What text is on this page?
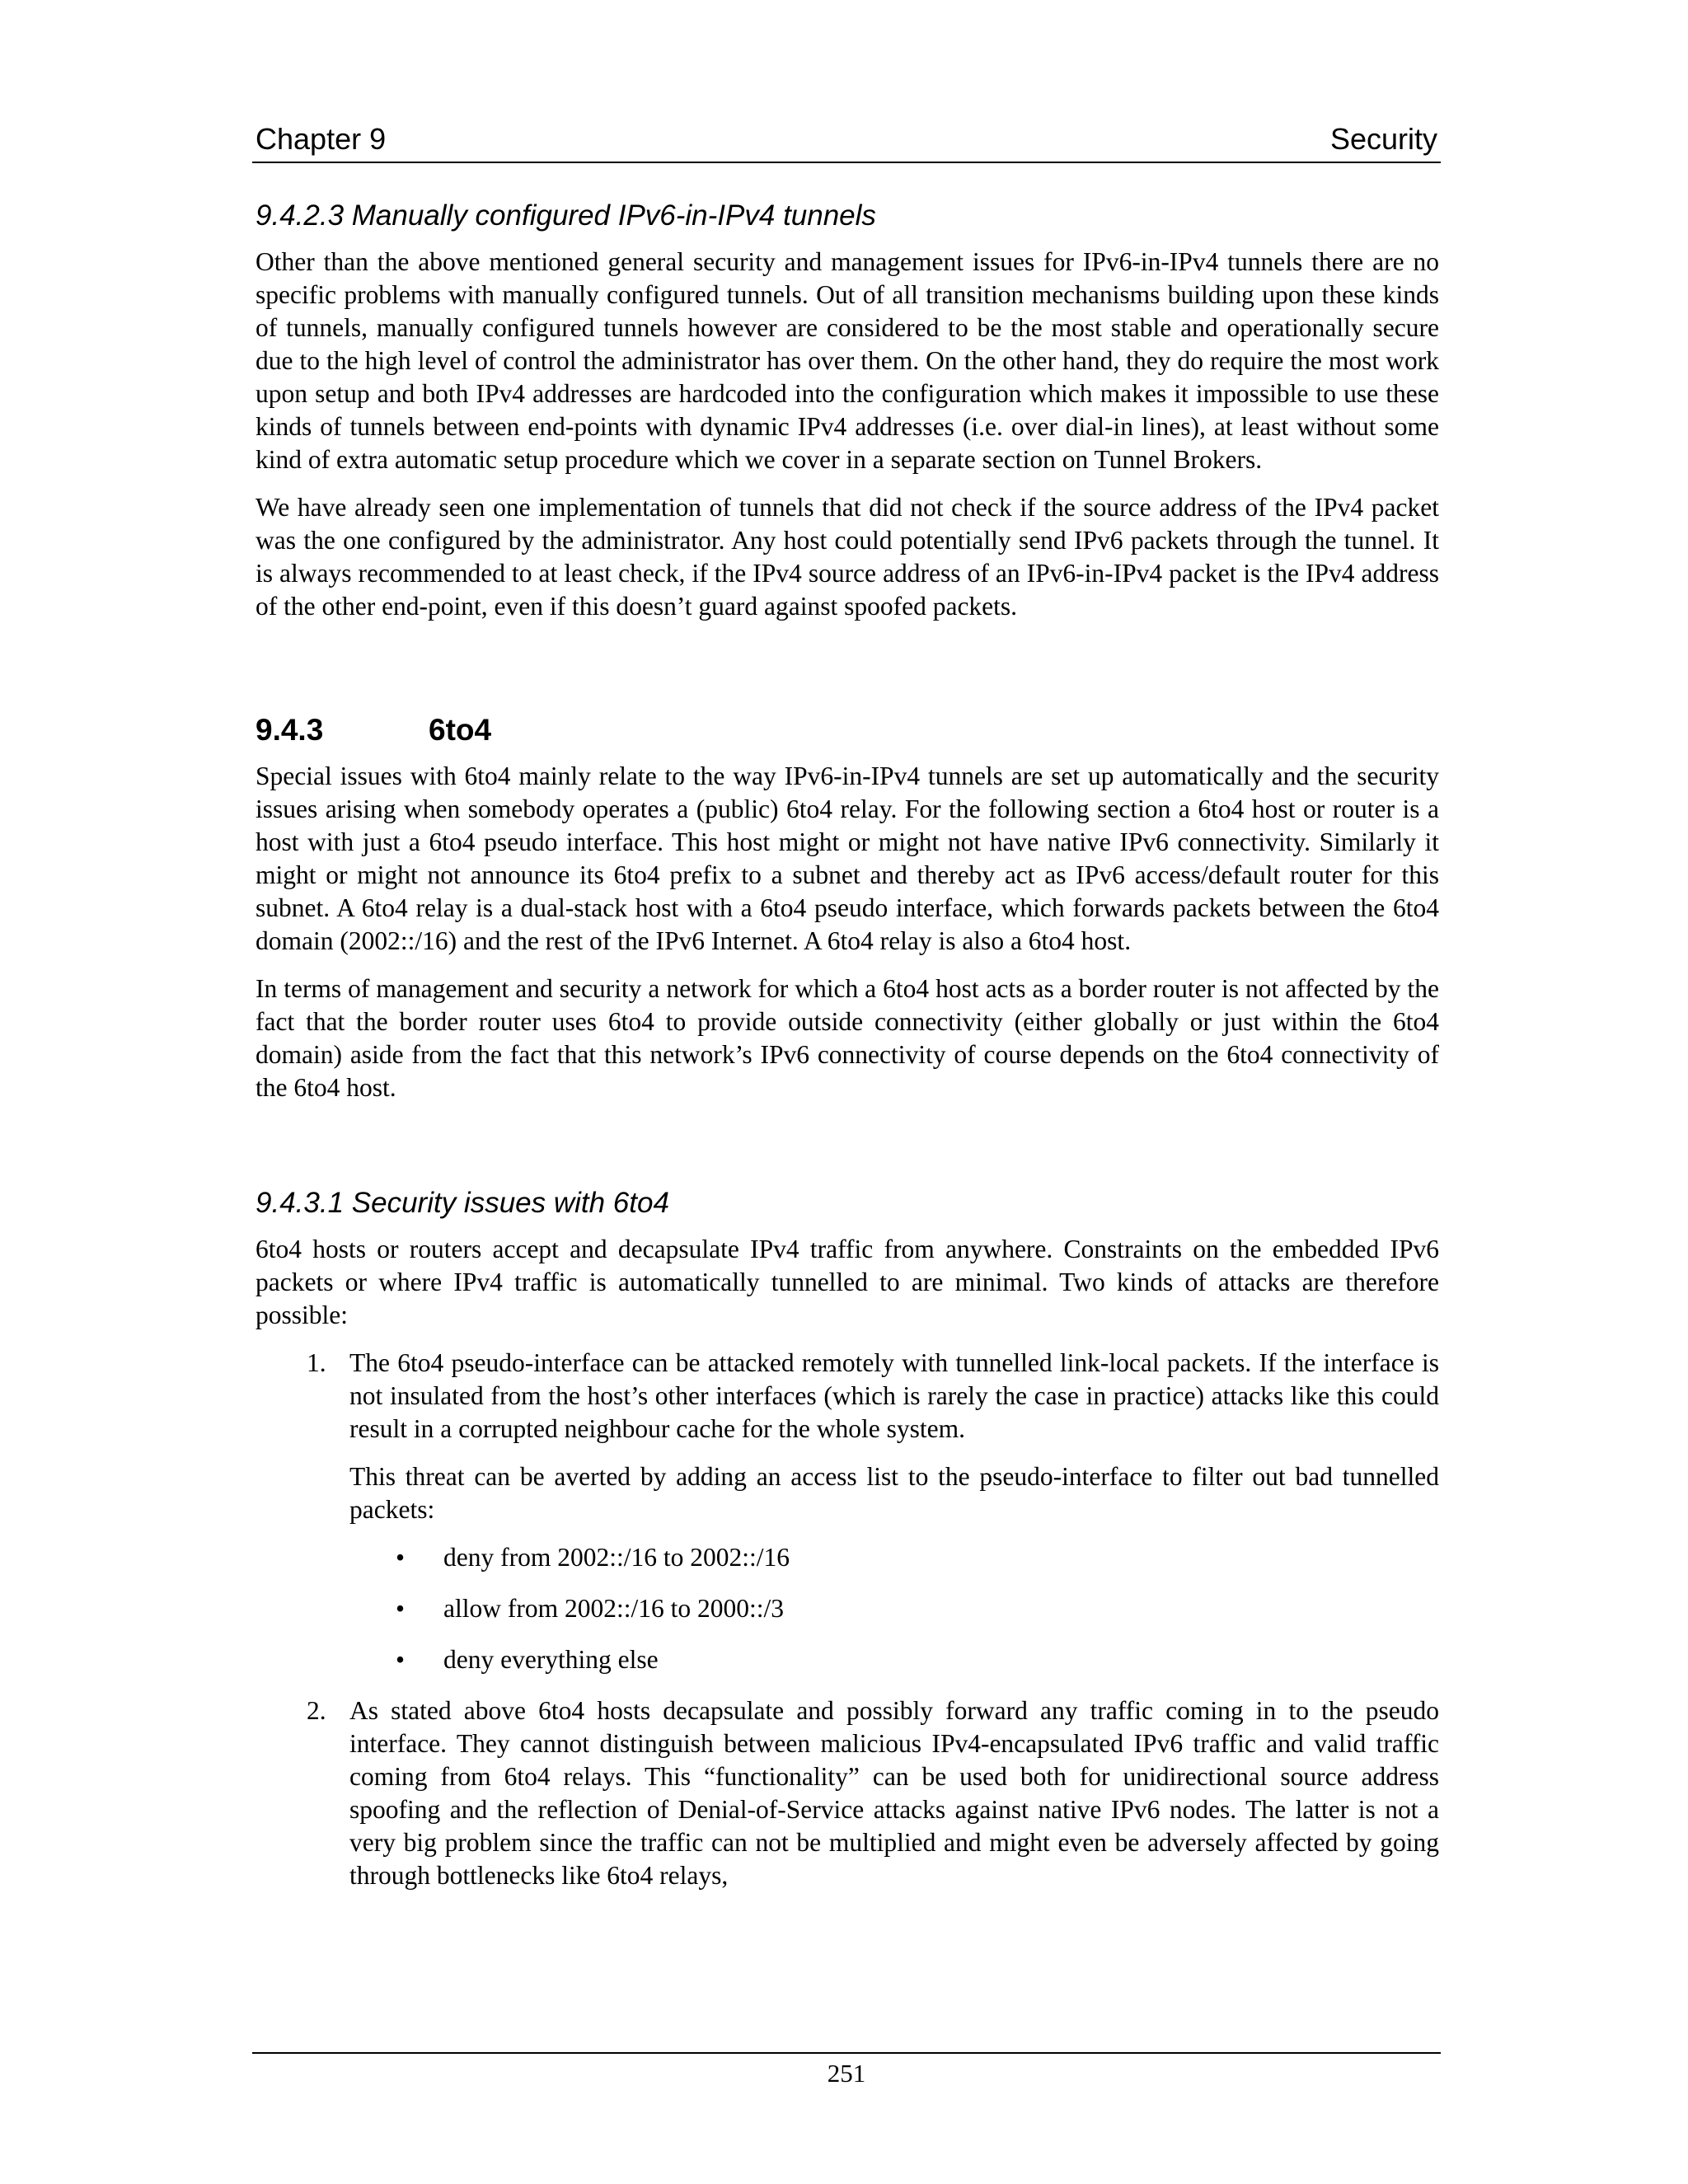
Chapter 9	Security
9.4.2.3 Manually configured IPv6-in-IPv4 tunnels

Other than the above mentioned general security and management issues for IPv6-in-IPv4 tunnels there are no specific problems with manually configured tunnels. Out of all transition mechanisms building upon these kinds of tunnels, manually configured tunnels however are considered to be the most stable and operationally secure due to the high level of control the administrator has over them. On the other hand, they do require the most work upon setup and both IPv4 addresses are hardcoded into the configuration which makes it impossible to use these kinds of tunnels between end-points with dynamic IPv4 addresses (i.e. over dial-in lines), at least without some kind of extra automatic setup procedure which we cover in a separate section on Tunnel Brokers.

We have already seen one implementation of tunnels that did not check if the source address of the IPv4 packet was the one configured by the administrator. Any host could potentially send IPv6 packets through the tunnel. It is always recommended to at least check, if the IPv4 source address of an IPv6-in-IPv4 packet is the IPv4 address of the other end-point, even if this doesn’t guard against spoofed packets.

9.4.3	6to4

Special issues with 6to4 mainly relate to the way IPv6-in-IPv4 tunnels are set up automatically and the security issues arising when somebody operates a (public) 6to4 relay. For the following section a 6to4 host or router is a host with just a 6to4 pseudo interface. This host might or might not have native IPv6 connectivity. Similarly it might or might not announce its 6to4 prefix to a subnet and thereby act as IPv6 access/default router for this subnet. A 6to4 relay is a dual-stack host with a 6to4 pseudo interface, which forwards packets between the 6to4 domain (2002::/16) and the rest of the IPv6 Internet. A 6to4 relay is also a 6to4 host.

In terms of management and security a network for which a 6to4 host acts as a border router is not affected by the fact that the border router uses 6to4 to provide outside connectivity (either globally or just within the 6to4 domain) aside from the fact that this network’s IPv6 connectivity of course depends on the 6to4 connectivity of the 6to4 host.

9.4.3.1 Security issues with 6to4

6to4 hosts or routers accept and decapsulate IPv4 traffic from anywhere. Constraints on the embedded IPv6 packets or where IPv4 traffic is automatically tunnelled to are minimal. Two kinds of attacks are therefore possible:

1. The 6to4 pseudo-interface can be attacked remotely with tunnelled link-local packets. If the interface is not insulated from the host’s other interfaces (which is rarely the case in practice) attacks like this could result in a corrupted neighbour cache for the whole system.

This threat can be averted by adding an access list to the pseudo-interface to filter out bad tunnelled packets:

• deny from 2002::/16 to 2002::/16
• allow from 2002::/16 to 2000::/3
• deny everything else
2. As stated above 6to4 hosts decapsulate and possibly forward any traffic coming in to the pseudo interface. They cannot distinguish between malicious IPv4-encapsulated IPv6 traffic and valid traffic coming from 6to4 relays. This “functionality” can be used both for unidirectional source address spoofing and the reflection of Denial-of-Service attacks against native IPv6 nodes. The latter is not a very big problem since the traffic can not be multiplied and might even be adversely affected by going through bottlenecks like 6to4 relays,

251
